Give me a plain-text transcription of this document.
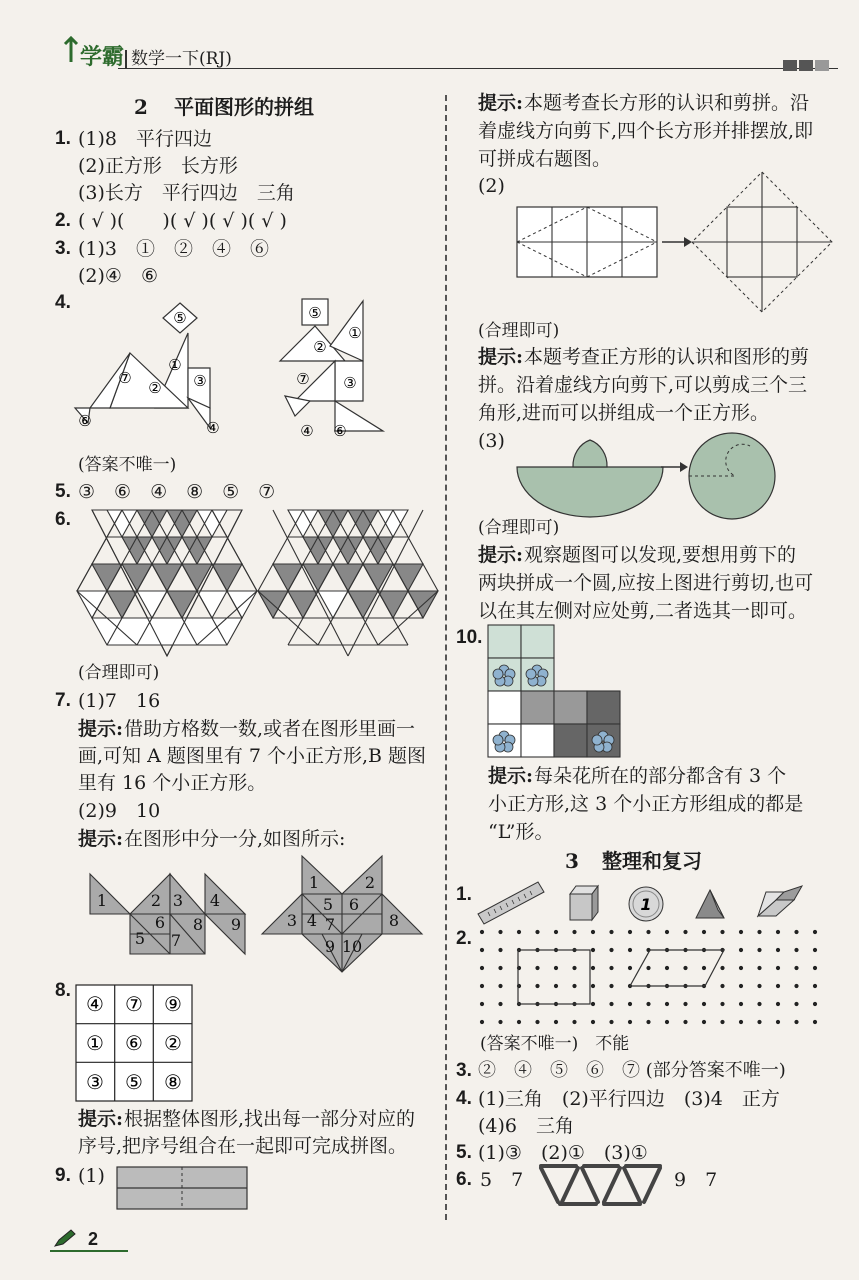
学霸 数学一下(RJ)
2 平面图形的拼组
1. (1)8　平行四边
(2)正方形　长方形
(3)长方　平行四边　三角
2. ( √ )(　　)( √ )( √ )( √ )
3. (1)3　①　②　④　⑥
(2)④　⑥
4.
⑤
①
③
②
⑦
⑥	④
⑤
②
①
⑦ ③
④ ⑥
(答案不唯一)
5. ③　⑥　④　⑧　⑤　⑦
6.
(合理即可)
7. (1)7　16
提示: 借助方格数一数,或者在图形里画一
画,可知 A 题图里有 7 个小正方形,B 题图
里有 16 个小正方形。
(2)9　10
提示: 在图形中分一分,如图所示:
1	2 3 4
5
6
7
8 9
1	2
3 4
5 6
7	8
9 10
8.
④ ⑦ ⑨
① ⑥ ②
③ ⑤ ⑧
提示: 根据整体图形,找出每一部分对应的
序号,把序号组合在一起即可完成拼图。
9. (1)
2
提示: 本题考查长方形的认识和剪拼。沿
着虚线方向剪下,四个长方形并排摆放,即
可拼成右题图。
(2)
(合理即可)
提示: 本题考查正方形的认识和图形的剪
拼。沿着虚线方向剪下,可以剪成三个三
角形,进而可以拼组成一个正方形。
(3)
(合理即可)
提示: 观察题图可以发现,要想用剪下的
两块拼成一个圆,应按上图进行剪切,也可
以在其左侧对应处剪,二者选其一即可。
10.
提示: 每朵花所在的部分都含有 3 个
小正方形,这 3 个小正方形组成的都是
“L”形。
3 整理和复习
1.	1
2.
(答案不唯一)　不能
3. ②　④　⑤　⑥　⑦ (部分答案不唯一)
4. (1)三角　(2)平行四边　(3)4　正方
(4)6　三角
5. (1)③　(2)①　(3)①
6. 5　7	9　7
